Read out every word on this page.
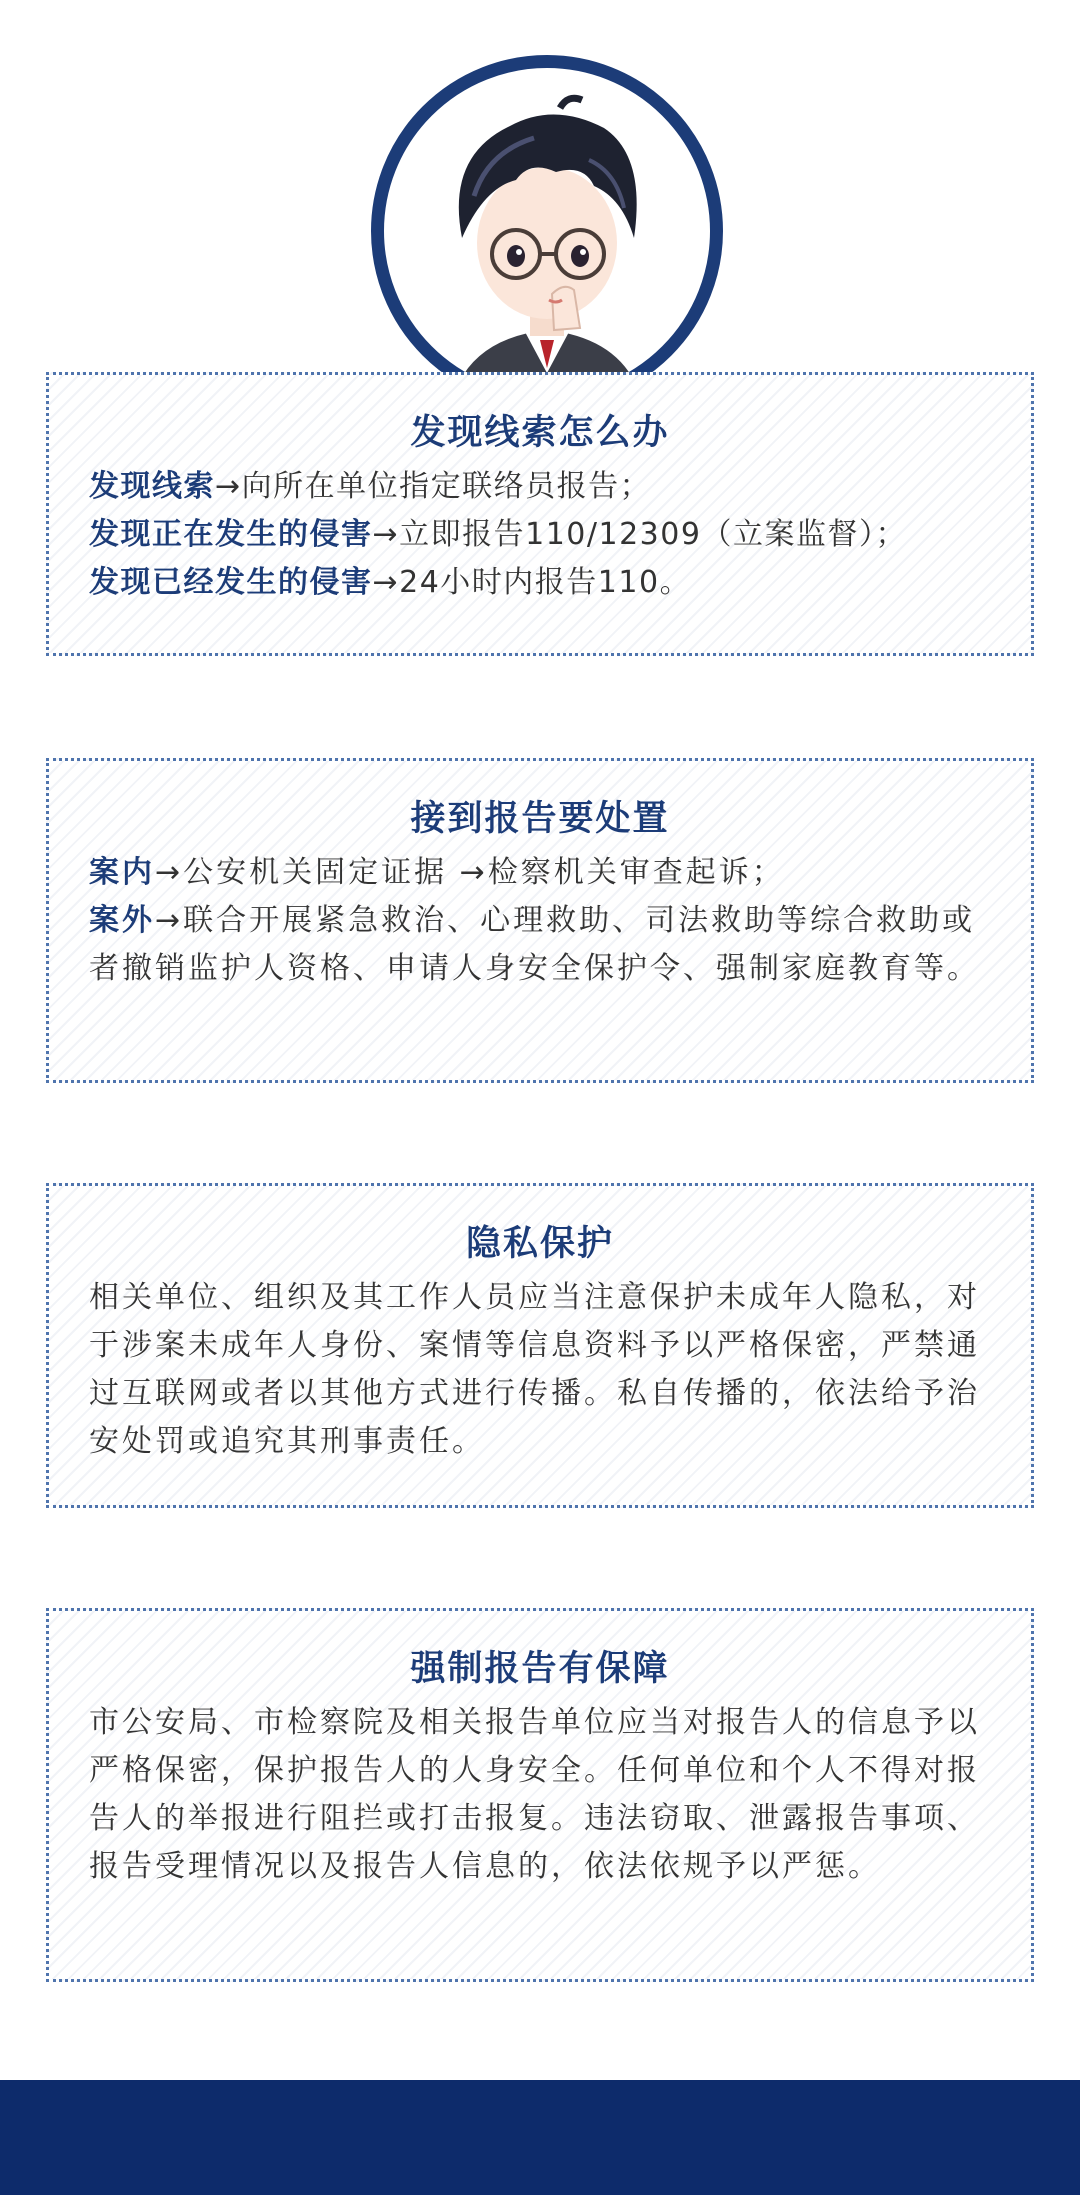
发现线索怎么办
发现线索→向所在单位指定联络员报告；
发现正在发生的侵害→立即报告110/12309（立案监督）；
发现已经发生的侵害→24小时内报告110。
接到报告要处置
案内→公安机关固定证据 →检察机关审查起诉；
案外→联合开展紧急救治、心理救助、司法救助等综合救助或者撤销监护人资格、申请人身安全保护令、强制家庭教育等。
隐私保护
相关单位、组织及其工作人员应当注意保护未成年人隐私，对于涉案未成年人身份、案情等信息资料予以严格保密，严禁通过互联网或者以其他方式进行传播。私自传播的，依法给予治安处罚或追究其刑事责任。
强制报告有保障
市公安局、市检察院及相关报告单位应当对报告人的信息予以严格保密，保护报告人的人身安全。任何单位和个人不得对报告人的举报进行阻拦或打击报复。违法窃取、泄露报告事项、报告受理情况以及报告人信息的，依法依规予以严惩。
